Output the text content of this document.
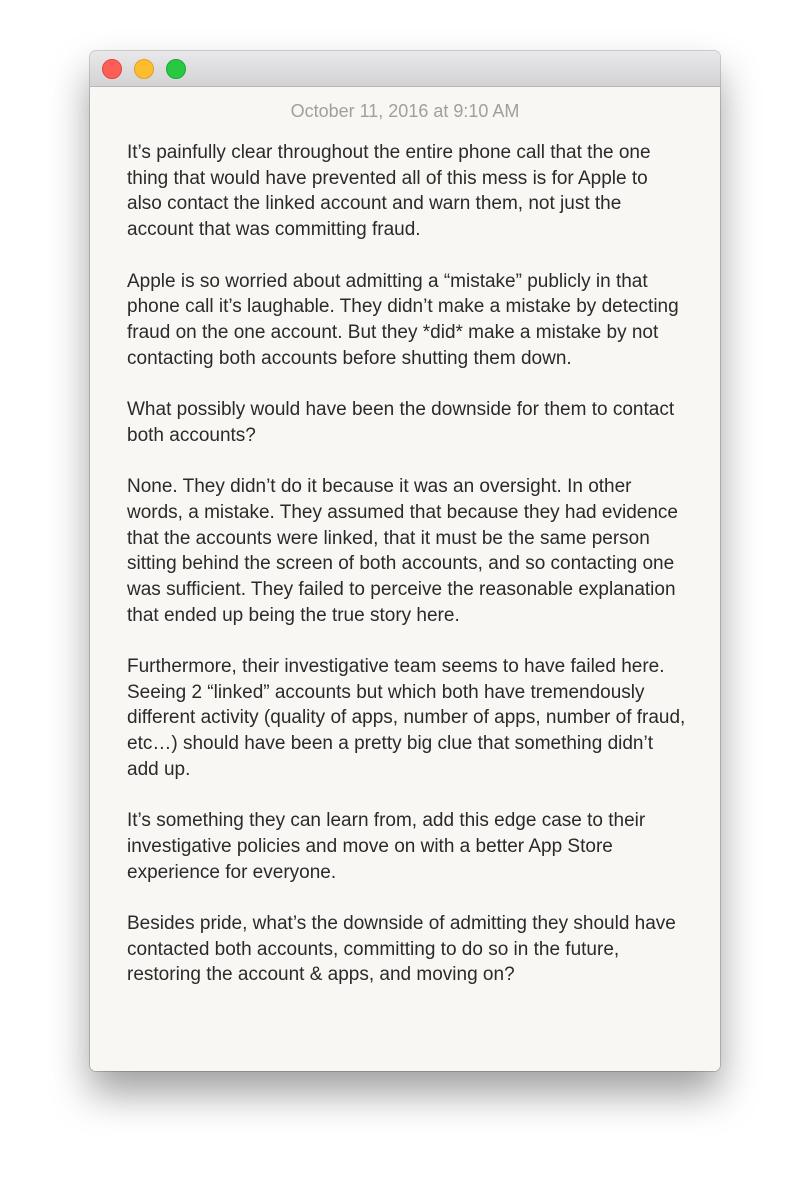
October 11, 2016 at 9:10 AM

It’s painfully clear throughout the entire phone call that the one thing that would have prevented all of this mess is for Apple to also contact the linked account and warn them, not just the account that was committing fraud.

Apple is so worried about admitting a “mistake” publicly in that phone call it’s laughable. They didn’t make a mistake by detecting fraud on the one account. But they *did* make a mistake by not contacting both accounts before shutting them down.

What possibly would have been the downside for them to contact both accounts?

None. They didn’t do it because it was an oversight. In other words, a mistake. They assumed that because they had evidence that the accounts were linked, that it must be the same person sitting behind the screen of both accounts, and so contacting one was sufficient. They failed to perceive the reasonable explanation that ended up being the true story here.

Furthermore, their investigative team seems to have failed here. Seeing 2 “linked” accounts but which both have tremendously different activity (quality of apps, number of apps, number of fraud, etc…) should have been a pretty big clue that something didn’t add up.

It’s something they can learn from, add this edge case to their investigative policies and move on with a better App Store experience for everyone.

Besides pride, what’s the downside of admitting they should have contacted both accounts, committing to do so in the future, restoring the account & apps, and moving on?
